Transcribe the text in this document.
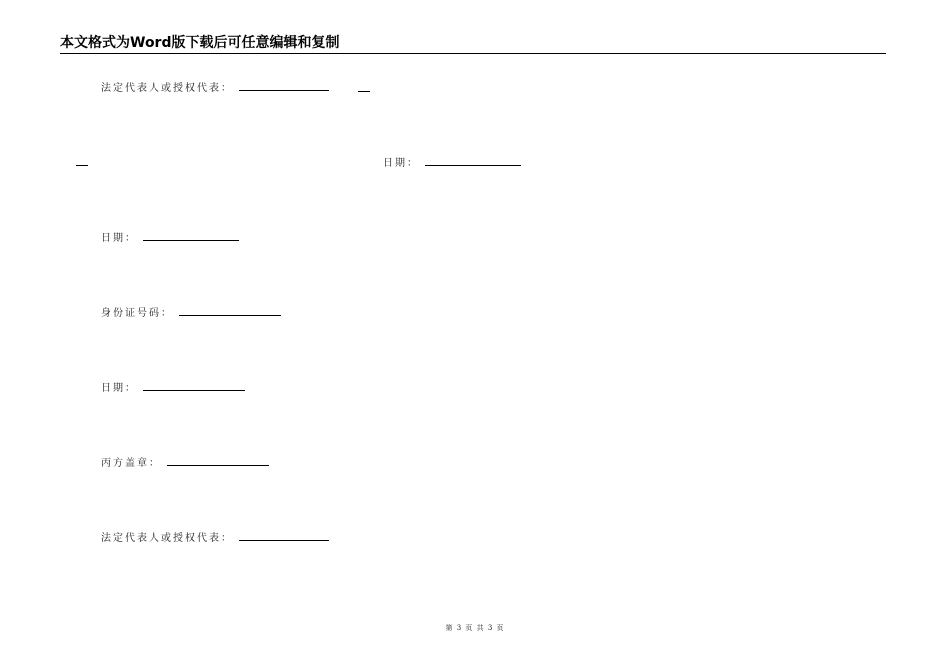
本文格式为Word版下载后可任意编辑和复制
法定代表人或授权代表：
日期：
日期：
身份证号码：
日期：
丙方盖章：
法定代表人或授权代表：
第 3 页 共 3 页
